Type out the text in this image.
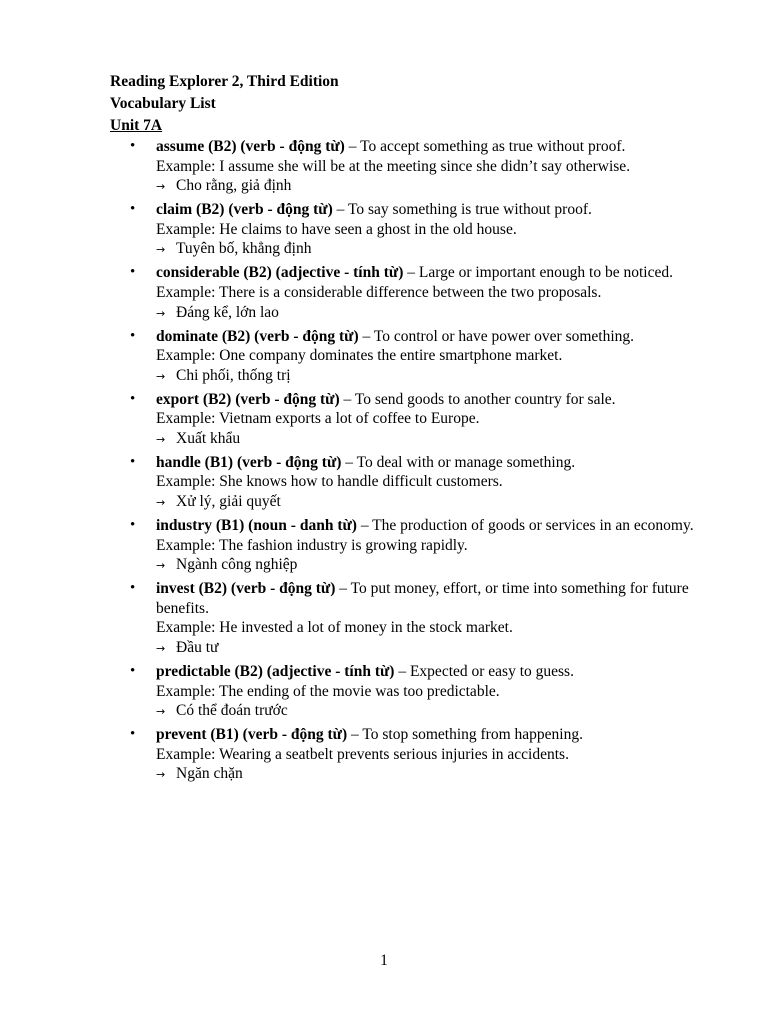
Reading Explorer 2, Third Edition
Vocabulary List
Unit 7A
• assume (B2) (verb - động từ) – To accept something as true without proof.
Example: I assume she will be at the meeting since she didn’t say otherwise.
→ Cho rằng, giả định
• claim (B2) (verb - động từ) – To say something is true without proof.
Example: He claims to have seen a ghost in the old house.
→ Tuyên bố, khẳng định
• considerable (B2) (adjective - tính từ) – Large or important enough to be noticed.
Example: There is a considerable difference between the two proposals.
→ Đáng kể, lớn lao
• dominate (B2) (verb - động từ) – To control or have power over something.
Example: One company dominates the entire smartphone market.
→ Chi phối, thống trị
• export (B2) (verb - động từ) – To send goods to another country for sale.
Example: Vietnam exports a lot of coffee to Europe.
→ Xuất khẩu
• handle (B1) (verb - động từ) – To deal with or manage something.
Example: She knows how to handle difficult customers.
→ Xử lý, giải quyết
• industry (B1) (noun - danh từ) – The production of goods or services in an economy.
Example: The fashion industry is growing rapidly.
→ Ngành công nghiệp
• invest (B2) (verb - động từ) – To put money, effort, or time into something for future benefits.
Example: He invested a lot of money in the stock market.
→ Đầu tư
• predictable (B2) (adjective - tính từ) – Expected or easy to guess.
Example: The ending of the movie was too predictable.
→ Có thể đoán trước
• prevent (B1) (verb - động từ) – To stop something from happening.
Example: Wearing a seatbelt prevents serious injuries in accidents.
→ Ngăn chặn
1
